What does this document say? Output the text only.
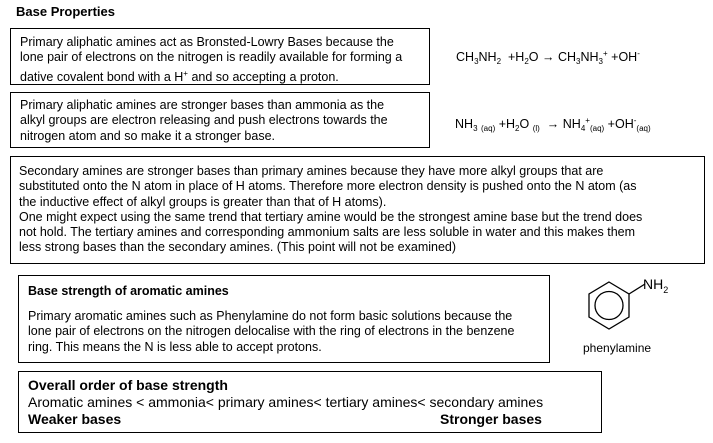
Base Properties
Primary aliphatic amines act as Bronsted-Lowry Bases because the
lone pair of electrons on the nitrogen is readily available for forming a
dative covalent bond with a H+ and so accepting a proton.
$CH_3NH_2 +H_2O \to CH_3NH_3^+ +OH^-$
Primary aliphatic amines are stronger bases than ammonia as the
alkyl groups are electron releasing and push electrons towards the
nitrogen atom and so make it a stronger base.
$NH_3$ $_{(aq)} +H_2O$ $_{(l)} \to NH_4^+_{(aq)} +OH^-_{(aq)}$
Secondary amines are stronger bases than primary amines because they have more alkyl groups that are
substituted onto the N atom in place of H atoms. Therefore more electron density is pushed onto the N atom (as
the inductive effect of alkyl groups is greater than that of H atoms).
One might expect using the same trend that tertiary amine would be the strongest amine base but the trend does
not hold. The tertiary amines and corresponding ammonium salts are less soluble in water and this makes them
less strong bases than the secondary amines. (This point will not be examined)
Base strength of aromatic amines
Primary aromatic amines such as Phenylamine do not form basic solutions because the
lone pair of electrons on the nitrogen delocalise with the ring of electrons in the benzene
ring. This means the N is less able to accept protons.
$NH_2$
phenylamine
Overall order of base strength
Aromatic amines < ammonia< primary amines< tertiary amines< secondary amines
Weaker bases	Stronger bases
